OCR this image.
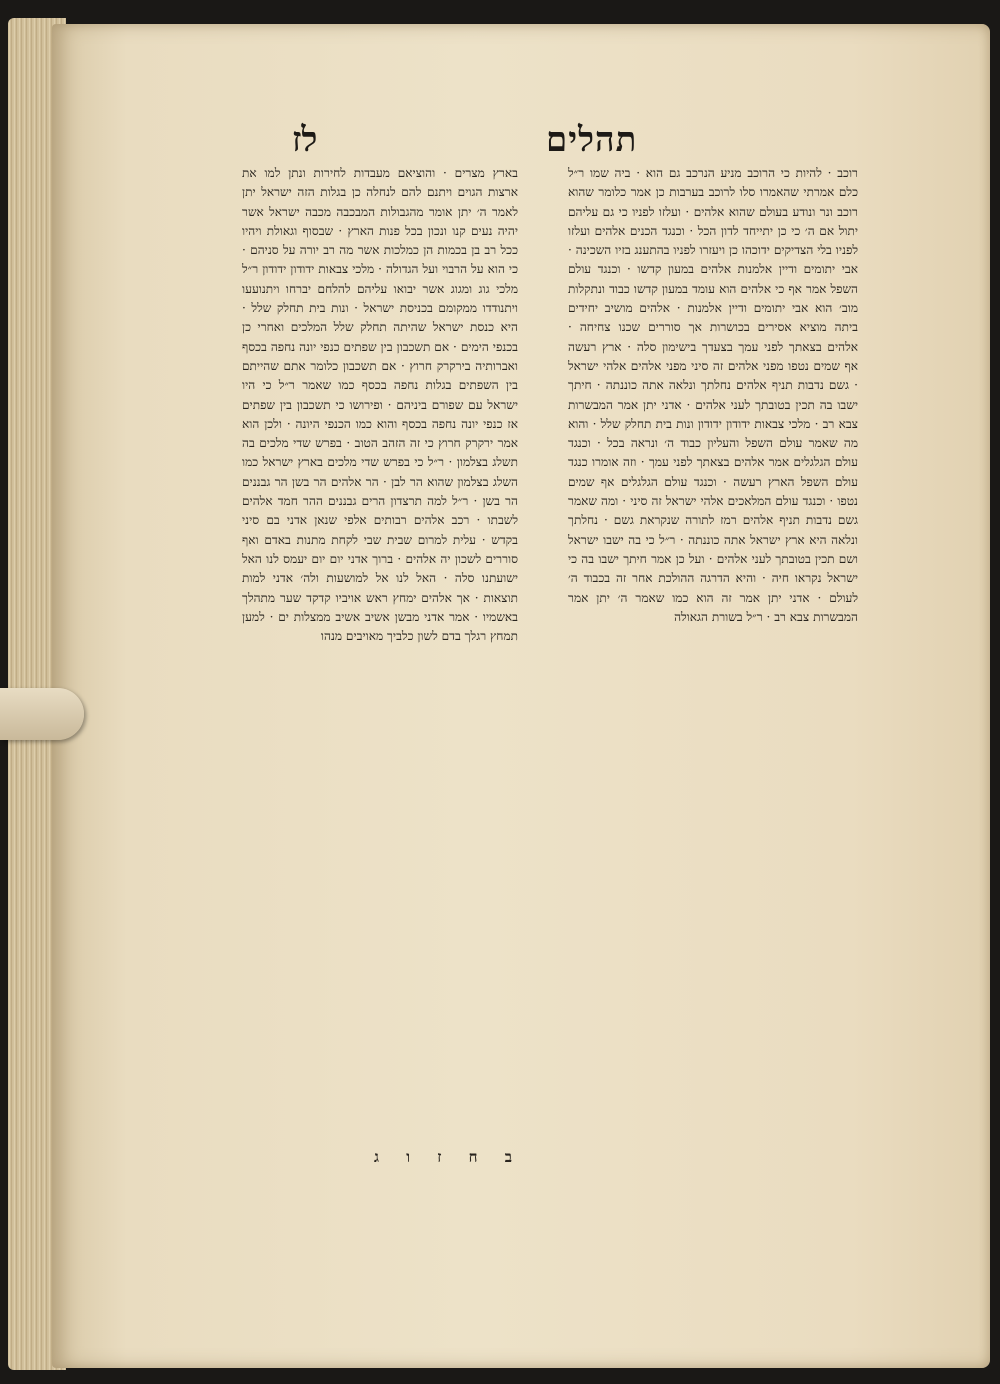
לז	תהלים

בארץ מצרים · והוציאם מעבדות לחירות ונתן למו את ארצות הגוים ויתנם להם לנחלה כן בגלות הזה ישראל יתן לאמר ה׳ יתן אומר מהגבולות המבכבה מכבה ישראל אשר יהיה נעים קנו ונכון בכל פנות הארץ · שבסוף וגאולת ויהיו ככל רב בן בכמות הן כמלכות אשר מה רב יורה על סניהם · כי הוא על הרבוי ועל הגדולה · מלכי צבאות ידודון ידודון ר״ל מלכי גוג ומגוג אשר יבואו עליהם להלחם יברחו ויתנועעו ויתנודדו ממקומם בכניסת ישראל · ונות בית תחלק שלל · היא כנסת ישראל שהיתה תחלק שלל המלכים ואחרי כן בכנפי הימים · אם תשכבון בין שפתים כנפי יונה נחפה בכסף ואברותיה בירקרק חרוץ · אם תשכבון כלומר אתם שהייתם בין השפתים בגלות נחפה בכסף כמו שאמר ר״ל כי היו ישראל עם שפורם ביניהם · ופירושו כי תשכבון בין שפתים אז כנפי יונה נחפה בכסף והוא כמו הכנפי היונה · ולכן הוא אמר ירקרק חרוץ כי זה הזהב הטוב · בפרש שדי מלכים בה תשלג בצלמון · ר״ל כי בפרש שדי מלכים בארץ ישראל כמו השלג בצלמון שהוא הר לבן · הר אלהים הר בשן הר גבננים הר בשן · ר״ל למה תרצדון הרים גבננים ההר חמד אלהים לשבתו · רכב אלהים רבותים אלפי שנאן אדני בם סיני בקדש · עלית למרום שבית שבי לקחת מתנות באדם ואף סוררים לשכון יה אלהים · ברוך אדני יום יום יעמס לנו האל ישועתנו סלה · האל לנו אל למושעות ולה׳ אדני למות תוצאות · אך אלהים ימחץ ראש אויביו קדקד שער מתהלך באשמיו · אמר אדני מבשן אשיב אשיב ממצלות ים · למען תמחץ רגלך בדם לשון כלביך מאויבים מנהו

רוכב · להיות כי הרוכב מניע הנרכב גם הוא · ביה שמו ר״ל כלם אמרתי שהאמרו סלו לרוכב בערבות כן אמר כלומר שהוא רוכב ונר ונודע בעולם שהוא אלהים · ועלזו לפניו כי גם עליהם יתול אם ה׳ כי כן יתייחד לדון הכל · וכנגד הכנים אלהים ועלזו לפניו בלי הצדיקים ידוכהו כן ויעזרו לפניו בהתענג בזיו השכינה · אבי יתומים ודיין אלמנות אלהים במעון קדשו · וכנגד עולם השפל אמר אף כי אלהים הוא עומד במעון קדשו כבוד ונתקלות מוב׳ הוא אבי יתומים ודיין אלמנות · אלהים מושיב יחידים ביתה מוציא אסירים בכושרות אך סוררים שכנו צחיחה · אלהים בצאתך לפני עמך בצעדך בישימון סלה · ארץ רעשה אף שמים נטפו מפני אלהים זה סיני מפני אלהים אלהי ישראל · גשם נדבות תניף אלהים נחלתך ונלאה אתה כוננתה · חיתך ישבו בה תכין בטובתך לעני אלהים · אדני יתן אמר המבשרות צבא רב · מלכי צבאות ידודון ידודון ונות בית תחלק שלל · והוא מה שאמר עולם השפל והעליון כבוד ה׳ ונראה בכל · וכנגד עולם הגלגלים אמר אלהים בצאתך לפני עמך · וזה אומרו כנגד עולם השפל הארץ רעשה · וכנגד עולם הגלגלים אף שמים נטפו · וכנגד עולם המלאכים אלהי ישראל זה סיני · ומה שאמר גשם נדבות תניף אלהים רמז לתורה שנקראת גשם · נחלתך ונלאה היא ארץ ישראל אתה כוננתה · ר״ל כי בה ישבו ישראל ושם תכין בטובתך לעני אלהים · ועל כן אמר חיתך ישבו בה כי ישראל נקראו חיה · והיא הדרגה ההולכת אחר זה בכבוד ה׳ לעולם · אדני יתן אמר זה הוא כמו שאמר ה׳ יתן אמר המבשרות צבא רב · ר״ל בשורת הגאולה

ב ח ז ו ג
